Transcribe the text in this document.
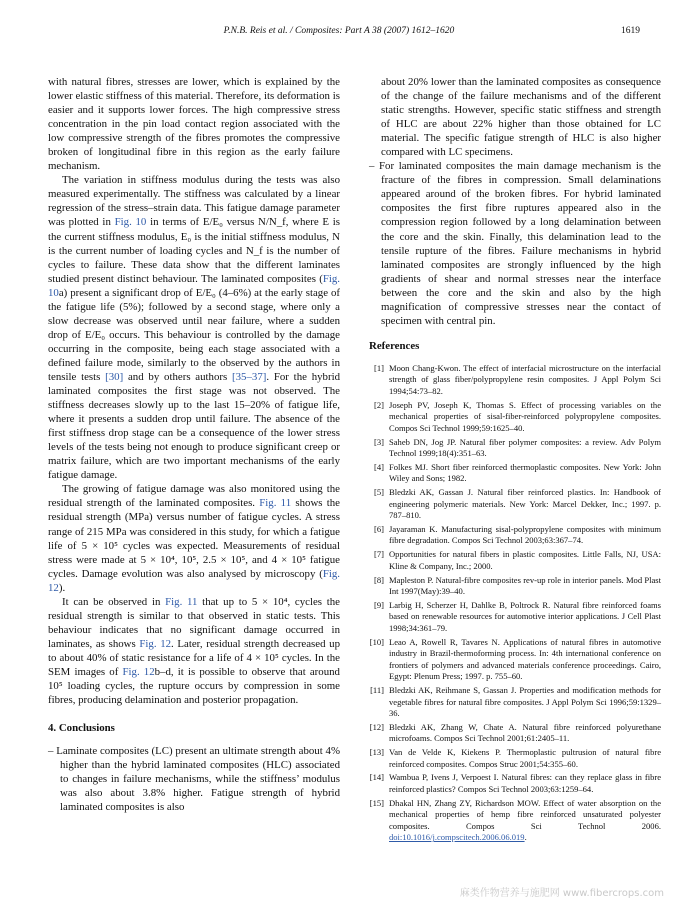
P.N.B. Reis et al. / Composites: Part A 38 (2007) 1612–1620	1619

with natural fibres, stresses are lower, which is explained by the lower elastic stiffness of this material. Therefore, its deformation is easier and it supports lower forces. The high compressive stress concentration in the pin load contact region associated with the low compressive strength of the fibres promotes the compressive broken of longitudinal fibre in this region as the early failure mechanism.

The variation in stiffness modulus during the tests was also measured experimentally. The stiffness was calculated by a linear regression of the stress–strain data. This fatigue damage parameter was plotted in Fig. 10 in terms of E/E₀ versus N/N_f, where E is the current stiffness modulus, E₀ is the initial stiffness modulus, N is the current number of loading cycles and N_f is the number of cycles to failure. These data show that the different laminates studied present distinct behaviour. The laminated composites (Fig. 10a) present a significant drop of E/E₀ (4–6%) at the early stage of the fatigue life (5%); followed by a second stage, where only a slow decrease was observed until near failure, where a sudden drop of E/E₀ occurs. This behaviour is controlled by the damage occurring in the composite, being each stage associated with a defined failure mode, similarly to the observed by the authors in tensile tests [30] and by others authors [35–37]. For the hybrid laminated composites the first stage was not observed. The stiffness decreases slowly up to the last 15–20% of fatigue life, where it presents a sudden drop until failure. The absence of the first stiffness drop stage can be a consequence of the lower stress levels of the tests being not enough to produce significant creep or matrix failure, which are two important mechanisms of the early fatigue damage.

The growing of fatigue damage was also monitored using the residual strength of the laminated composites. Fig. 11 shows the residual strength (MPa) versus number of fatigue cycles. A stress range of 215 MPa was considered in this study, for which a fatigue life of 5 × 10⁵ cycles was expected. Measurements of residual stress were made at 5 × 10⁴, 10⁵, 2.5 × 10⁵, and 4 × 10⁵ fatigue cycles. Damage evolution was also analysed by microscopy (Fig. 12).

It can be observed in Fig. 11 that up to 5 × 10⁴, cycles the residual strength is similar to that observed in static tests. This behaviour indicates that no significant damage occurred in laminates, as shows Fig. 12. Later, residual strength decreased up to about 40% of static resistance for a life of 4 × 10⁵ cycles. In the SEM images of Fig. 12b–d, it is possible to observe that around 10⁵ loading cycles, the rupture occurs by compression in some fibres, producing delamination and posterior propagation.

4. Conclusions

– Laminate composites (LC) present an ultimate strength about 4% higher than the hybrid laminated composites (HLC) associated to changes in failure mechanisms, while the stiffness’ modulus was also about 3.8% higher. Fatigue strength of hybrid laminated composites is also

about 20% lower than the laminated composites as consequence of the change of the failure mechanisms and of the different static strengths. However, specific static stiffness and strength of HLC are about 22% higher than those obtained for LC material. The specific fatigue strength of HLC is also higher compared with LC specimens.

– For laminated composites the main damage mechanism is the fracture of the fibres in compression. Small delaminations appeared around of the broken fibres. For hybrid laminated composites the first fibre ruptures appeared also in the compression region followed by a long delamination between the core and the skin. Finally, this delamination lead to the tensile rupture of the fibres. Failure mechanisms in hybrid laminated composites are strongly influenced by the high gradients of shear and normal stresses near the interface between the core and the skin and also by the high magnification of compressive stresses near the contact of specimen with central pin.

References
[1] Moon Chang-Kwon. The effect of interfacial microstructure on the interfacial strength of glass fiber/polypropylene resin composites. J Appl Polym Sci 1994;54:73–82.
[2] Joseph PV, Joseph K, Thomas S. Effect of processing variables on the mechanical properties of sisal-fiber-reinforced polypropylene composites. Compos Sci Technol 1999;59:1625–40.
[3] Saheb DN, Jog JP. Natural fiber polymer composites: a review. Adv Polym Technol 1999;18(4):351–63.
[4] Folkes MJ. Short fiber reinforced thermoplastic composites. New York: John Wiley and Sons; 1982.
[5] Bledzki AK, Gassan J. Natural fiber reinforced plastics. In: Handbook of engineering polymeric materials. New York: Marcel Dekker, Inc.; 1997. p. 787–810.
[6] Jayaraman K. Manufacturing sisal-polypropylene composites with minimum fibre degradation. Compos Sci Technol 2003;63:367–74.
[7] Opportunities for natural fibers in plastic composites. Little Falls, NJ, USA: Kline & Company, Inc.; 2000.
[8] Mapleston P. Natural-fibre composites rev-up role in interior panels. Mod Plast Int 1997(May):39–40.
[9] Larbig H, Scherzer H, Dahlke B, Poltrock R. Natural fibre reinforced foams based on renewable resources for automotive interior applications. J Cell Plast 1998;34:361–79.
[10] Leao A, Rowell R, Tavares N. Applications of natural fibres in automotive industry in Brazil-thermoforming process. In: 4th international conference on frontiers of polymers and advanced materials conference proceedings. Cairo, Egypt: Plenum Press; 1997. p. 755–60.
[11] Bledzki AK, Reihmane S, Gassan J. Properties and modification methods for vegetable fibres for natural fibre composites. J Appl Polym Sci 1996;59:1329–36.
[12] Bledzki AK, Zhang W, Chate A. Natural fibre reinforced polyurethane microfoams. Compos Sci Technol 2001;61:2405–11.
[13] Van de Velde K, Kiekens P. Thermoplastic pultrusion of natural fibre reinforced composites. Compos Struc 2001;54:355–60.
[14] Wambua P, Ivens J, Verpoest I. Natural fibres: can they replace glass in fibre reinforced plastics? Compos Sci Technol 2003;63:1259–64.
[15] Dhakal HN, Zhang ZY, Richardson MOW. Effect of water absorption on the mechanical properties of hemp fibre reinforced unsaturated polyester composites. Compos Sci Technol 2006. doi:10.1016/j.compscitech.2006.06.019.
麻类作物营养与施肥网 www.fibercrops.com
